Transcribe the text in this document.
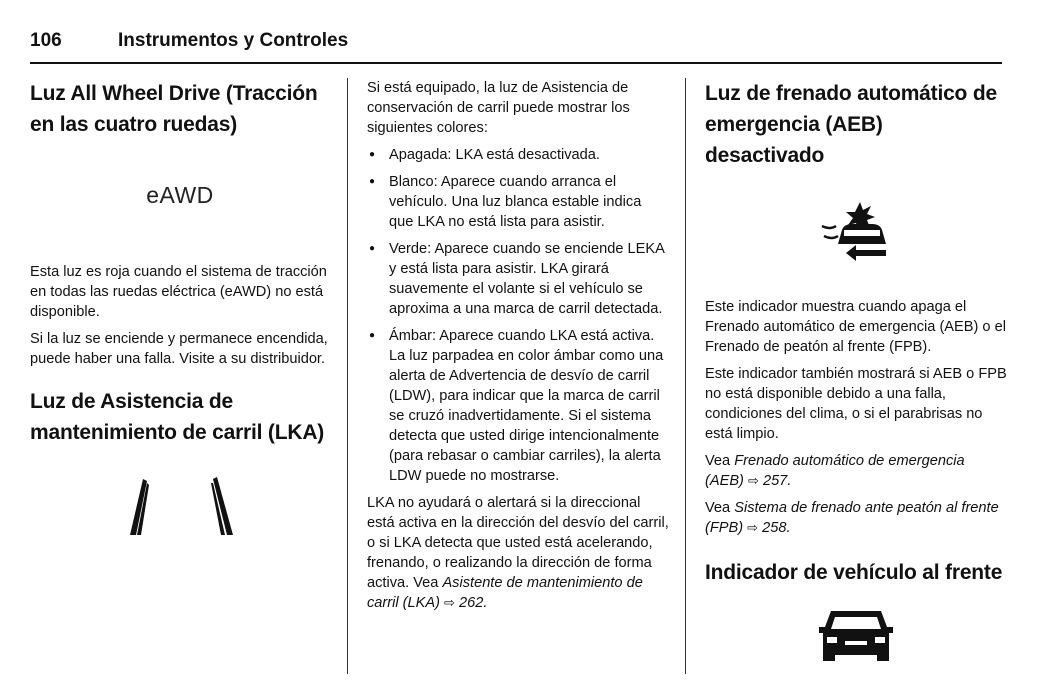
106	Instrumentos y Controles
Luz All Wheel Drive (Tracción en las cuatro ruedas)
eAWD

Esta luz es roja cuando el sistema de tracción en todas las ruedas eléctrica (eAWD) no está disponible.

Si la luz se enciende y permanece encendida, puede haber una falla. Visite a su distribuidor.

Luz de Asistencia de mantenimiento de carril (LKA)

Si está equipado, la luz de Asistencia de conservación de carril puede mostrar los siguientes colores:

● Apagada: LKA está desactivada.
● Blanco: Aparece cuando arranca el vehículo. Una luz blanca estable indica que LKA no está lista para asistir.
● Verde: Aparece cuando se enciende LEKA y está lista para asistir. LKA girará suavemente el volante si el vehículo se aproxima a una marca de carril detectada.
● Ámbar: Aparece cuando LKA está activa. La luz parpadea en color ámbar como una alerta de Advertencia de desvío de carril (LDW), para indicar que la marca de carril se cruzó inadvertidamente. Si el sistema detecta que usted dirige intencionalmente (para rebasar o cambiar carriles), la alerta LDW puede no mostrarse.

LKA no ayudará o alertará si la direccional está activa en la dirección del desvío del carril, o si LKA detecta que usted está acelerando, frenando, o realizando la dirección de forma activa. Vea Asistente de mantenimiento de carril (LKA) ⇨ 262.

Luz de frenado automático de emergencia (AEB) desactivado

Este indicador muestra cuando apaga el Frenado automático de emergencia (AEB) o el Frenado de peatón al frente (FPB).

Este indicador también mostrará si AEB o FPB no está disponible debido a una falla, condiciones del clima, o si el parabrisas no está limpio.

Vea Frenado automático de emergencia (AEB) ⇨ 257.

Vea Sistema de frenado ante peatón al frente (FPB) ⇨ 258.

Indicador de vehículo al frente
